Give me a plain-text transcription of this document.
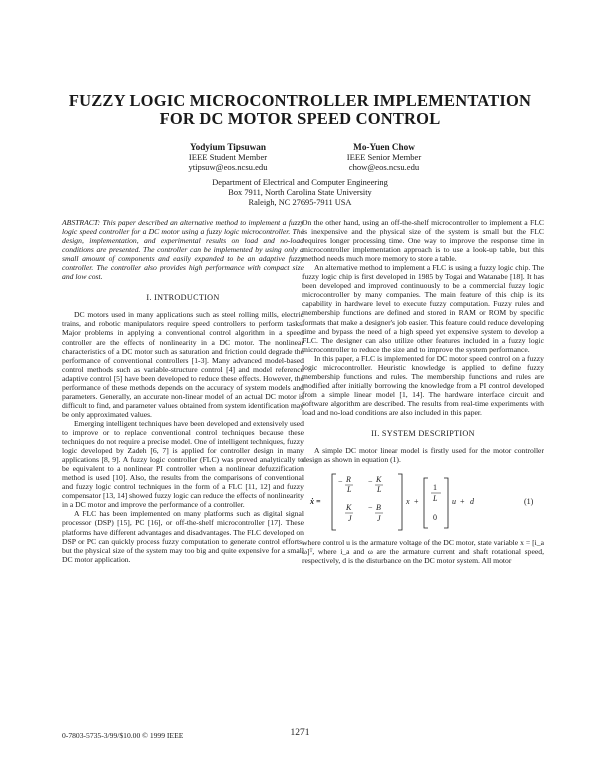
FUZZY LOGIC MICROCONTROLLER IMPLEMENTATION
FOR DC MOTOR SPEED CONTROL
Yodyium Tipsuwan
IEEE Student Member
ytipsuw@eos.ncsu.edu
Mo-Yuen Chow
IEEE Senior Member
chow@eos.ncsu.edu
Department of Electrical and Computer Engineering
Box 7911, North Carolina State University
Raleigh, NC 27695-7911 USA

ABSTRACT: This paper described an alternative method to implement a fuzzy logic speed controller for a DC motor using a fuzzy logic microcontroller. The design, implementation, and experimental results on load and no-load conditions are presented. The controller can be implemented by using only a small amount of components and easily expanded to be an adaptive fuzzy controller. The controller also provides high performance with compact size and low cost.

I. INTRODUCTION

DC motors used in many applications such as steel rolling mills, electric trains, and robotic manipulators require speed controllers to perform tasks. Major problems in applying a conventional control algorithm in a speed controller are the effects of nonlinearity in a DC motor. The nonlinear characteristics of a DC motor such as saturation and friction could degrade the performance of conventional controllers [1-3]. Many advanced model-based control methods such as variable-structure control [4] and model reference adaptive control [5] have been developed to reduce these effects. However, the performance of these methods depends on the accuracy of system models and parameters. Generally, an accurate non-linear model of an actual DC motor is difficult to find, and parameter values obtained from system identification may be only approximated values.

Emerging intelligent techniques have been developed and extensively used to improve or to replace conventional control techniques because these techniques do not require a precise model. One of intelligent techniques, fuzzy logic developed by Zadeh [6, 7] is applied for controller design in many applications [8, 9]. A fuzzy logic controller (FLC) was proved analytically to be equivalent to a nonlinear PI controller when a nonlinear defuzzification method is used [10]. Also, the results from the comparisons of conventional and fuzzy logic control techniques in the form of a FLC [11, 12] and fuzzy compensator [13, 14] showed fuzzy logic can reduce the effects of nonlinearity in a DC motor and improve the performance of a controller.

A FLC has been implemented on many platforms such as digital signal processor (DSP) [15], PC [16], or off-the-shelf microcontroller [17]. These platforms have different advantages and disadvantages. The FLC developed on DSP or PC can quickly process fuzzy computation to generate control efforts, but the physical size of the system may too big and quite expensive for a small DC motor application.

On the other hand, using an off-the-shelf microcontroller to implement a FLC is inexpensive and the physical size of the system is small but the FLC requires longer processing time. One way to improve the response time in microcontroller implementation approach is to use a look-up table, but this method needs much more memory to store a table.

An alternative method to implement a FLC is using a fuzzy logic chip. The fuzzy logic chip is first developed in 1985 by Togai and Watanabe [18]. It has been developed and improved continuously to be a commercial fuzzy logic microcontroller by many companies. The main feature of this chip is its capability in hardware level to execute fuzzy computation. Fuzzy rules and membership functions are defined and stored in RAM or ROM by specific formats that make a designer's job easier. This feature could reduce developing time and bypass the need of a high speed yet expensive system to develop a FLC. The designer can also utilize other features included in a fuzzy logic microcontroller to reduce the size and to improve the system performance.

In this paper, a FLC is implemented for DC motor speed control on a fuzzy logic microcontroller. Heuristic knowledge is applied to define fuzzy membership functions and rules. The membership functions and rules are modified after initially borrowing the knowledge from a PI control developed from a simple linear model [1, 14]. The hardware interface circuit and software algorithm are described. The results from real-time experiments with load and no-load conditions are also included in this paper.

II. SYSTEM DESCRIPTION

A simple DC motor linear model is firstly used for the motor controller design as shown in equation (1).

ẋ =
− R
L
− K
L
K
J
− B
J
x +
1
L
0
u + d	(1)

where control u is the armature voltage of the DC motor, state variable x = [i_a ω]ᵀ, where i_a and ω are the armature current and shaft rotational speed, respectively, d is the disturbance on the DC motor system. All motor

0-7803-5735-3/99/$10.00 © 1999 IEEE	1271
